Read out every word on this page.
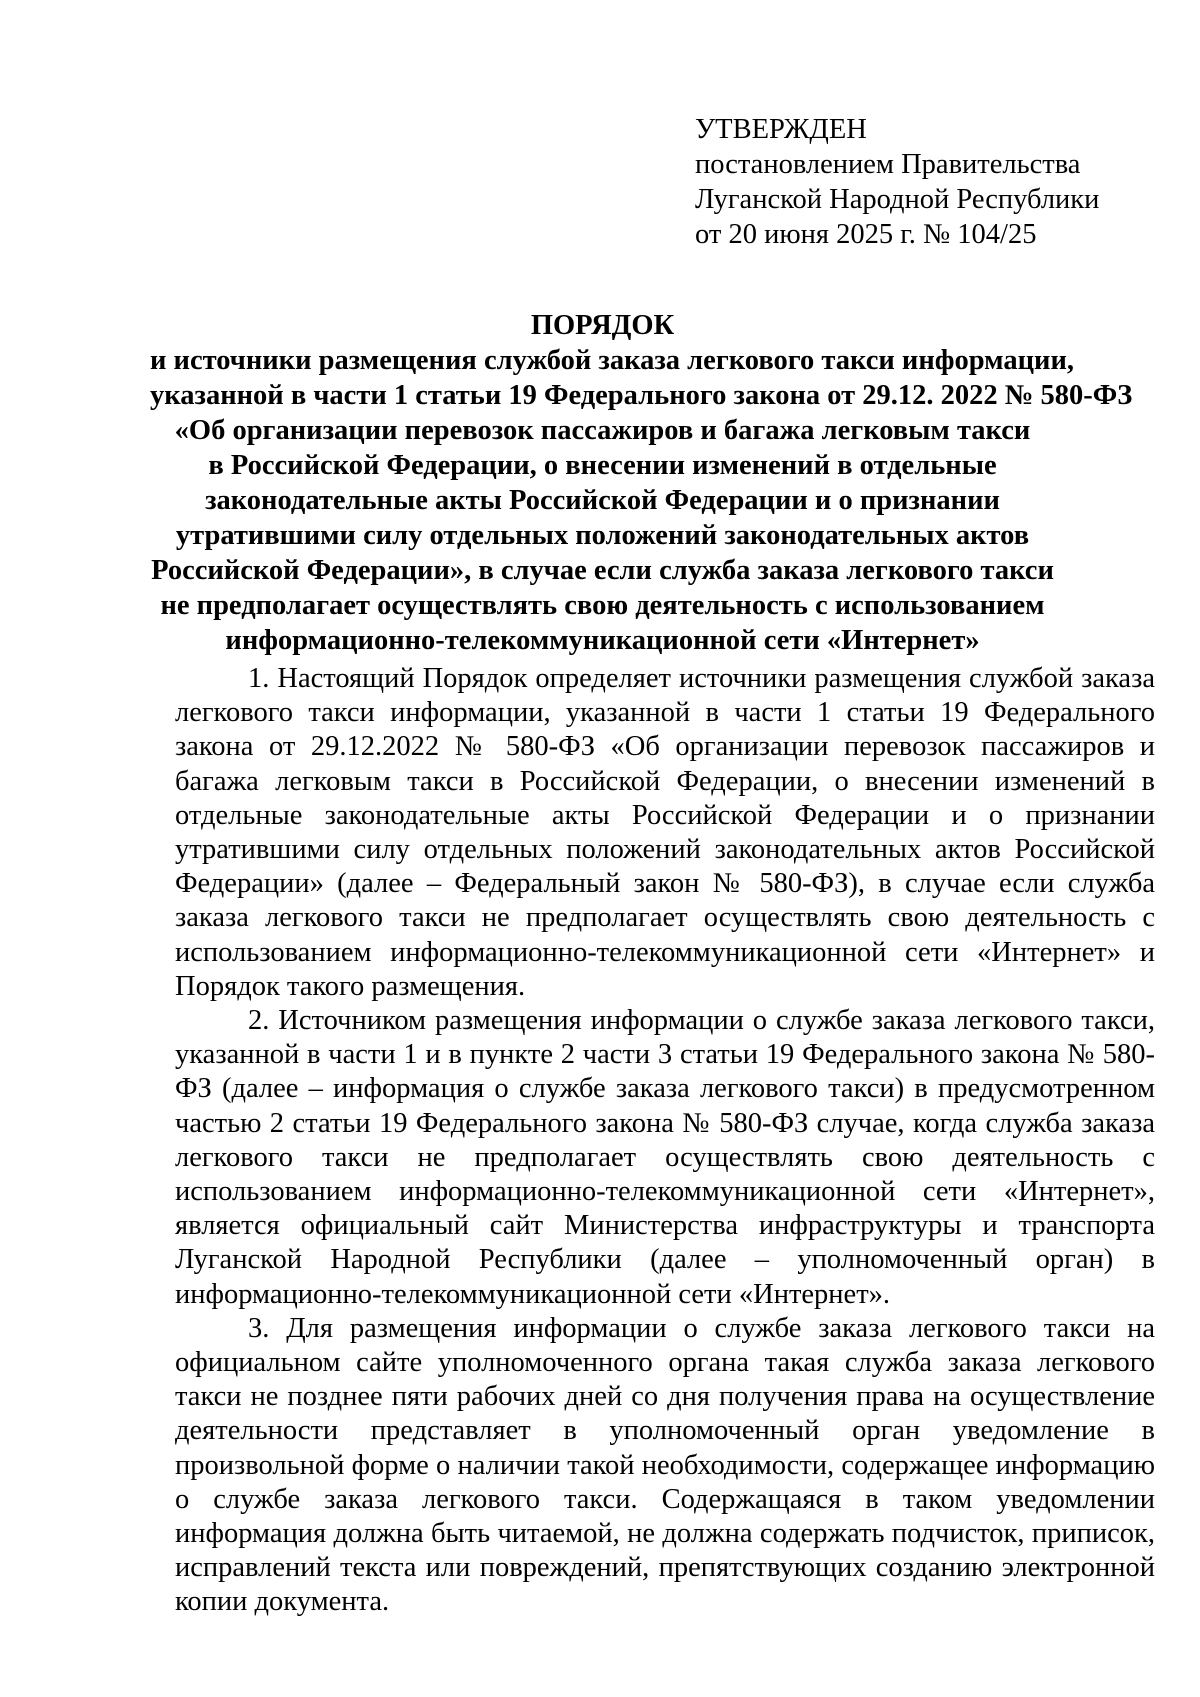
УТВЕРЖДЕН
постановлением Правительства
Луганской Народной Республики
от 20 июня 2025 г. № 104/25
ПОРЯДОК
и источники размещения службой заказа легкового такси информации,
указанной в части 1 статьи 19 Федерального закона от 29.12. 2022 № 580-ФЗ
«Об организации перевозок пассажиров и багажа легковым такси
в Российской Федерации, о внесении изменений в отдельные
законодательные акты Российской Федерации и о признании
утратившими силу отдельных положений законодательных актов
Российской Федерации», в случае если служба заказа легкового такси
не предполагает осуществлять свою деятельность с использованием
информационно-телекоммуникационной сети «Интернет»

1. Настоящий Порядок определяет источники размещения службой заказа легкового такси информации, указанной в части 1 статьи 19 Федерального закона от 29.12.2022 № 580-ФЗ «Об организации перевозок пассажиров и багажа легковым такси в Российской Федерации, о внесении изменений в отдельные законодательные акты Российской Федерации и о признании утратившими силу отдельных положений законодательных актов Российской Федерации» (далее – Федеральный закон № 580-ФЗ), в случае если служба заказа легкового такси не предполагает осуществлять свою деятельность с использованием информационно-телекоммуникационной сети «Интернет» и Порядок такого размещения.

2. Источником размещения информации о службе заказа легкового такси, указанной в части 1 и в пункте 2 части 3 статьи 19 Федерального закона № 580-ФЗ (далее – информация о службе заказа легкового такси) в предусмотренном частью 2 статьи 19 Федерального закона № 580-ФЗ случае, когда служба заказа легкового такси не предполагает осуществлять свою деятельность с использованием информационно-телекоммуникационной сети «Интернет», является официальный сайт Министерства инфраструктуры и транспорта Луганской Народной Республики (далее – уполномоченный орган) в информационно-телекоммуникационной сети «Интернет».

3. Для размещения информации о службе заказа легкового такси на официальном сайте уполномоченного органа такая служба заказа легкового такси не позднее пяти рабочих дней со дня получения права на осуществление деятельности представляет в уполномоченный орган уведомление в произвольной форме о наличии такой необходимости, содержащее информацию о службе заказа легкового такси. Содержащаяся в таком уведомлении информация должна быть читаемой, не должна содержать подчисток, приписок, исправлений текста или повреждений, препятствующих созданию электронной копии документа.
